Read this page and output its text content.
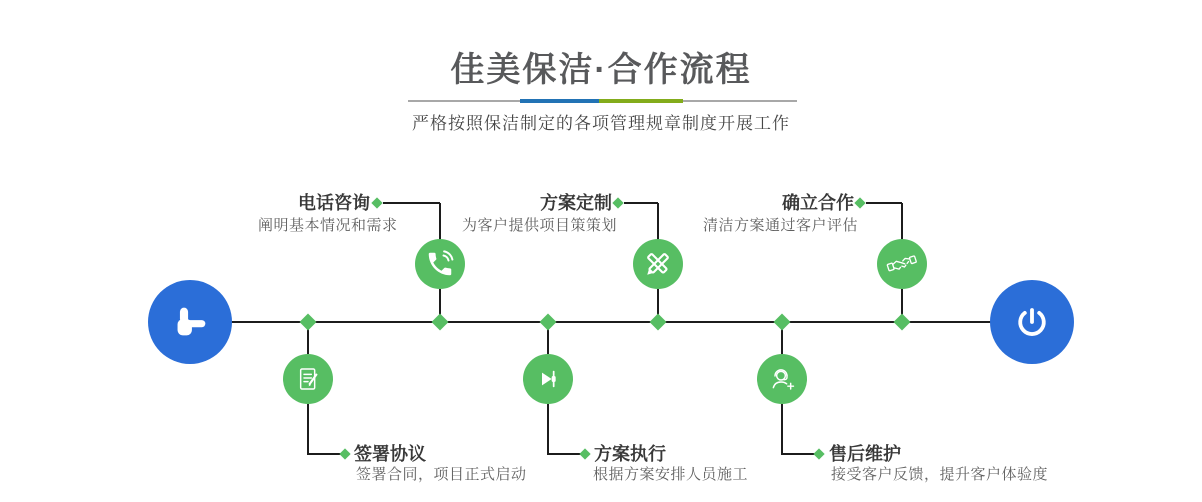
佳美保洁·合作流程

严格按照保洁制定的各项管理规章制度开展工作

电话咨询
阐明基本情况和需求
方案定制
为客户提供项目策策划
确立合作
清洁方案通过客户评估
签署协议
签署合同，项目正式启动
方案执行
根据方案安排人员施工
售后维护
接受客户反馈，提升客户体验度
